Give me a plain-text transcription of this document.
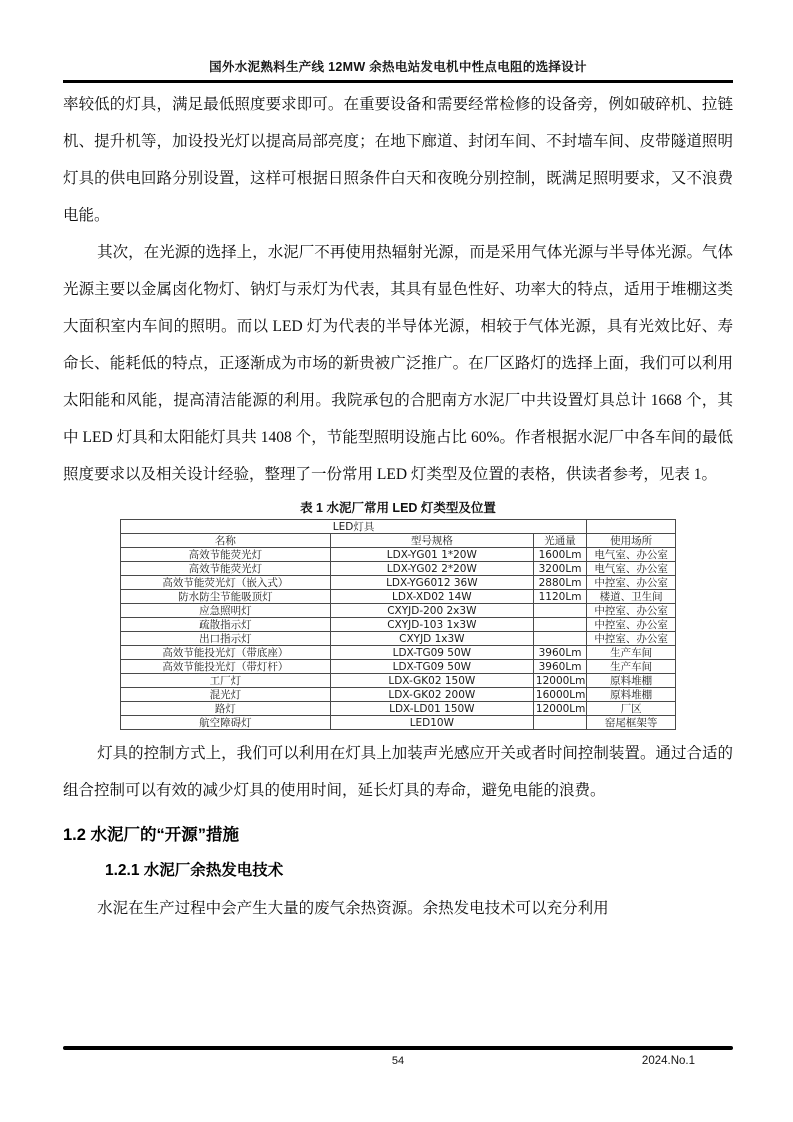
国外水泥熟料生产线 12MW 余热电站发电机中性点电阻的选择设计

率较低的灯具，满足最低照度要求即可。在重要设备和需要经常检修的设备旁，例如破碎机、拉链机、提升机等，加设投光灯以提高局部亮度；在地下廊道、封闭车间、不封墙车间、皮带隧道照明灯具的供电回路分别设置，这样可根据日照条件白天和夜晚分别控制，既满足照明要求，又不浪费电能。

其次，在光源的选择上，水泥厂不再使用热辐射光源，而是采用气体光源与半导体光源。气体光源主要以金属卤化物灯、钠灯与汞灯为代表，其具有显色性好、功率大的特点，适用于堆棚这类大面积室内车间的照明。而以 LED 灯为代表的半导体光源，相较于气体光源，具有光效比好、寿命长、能耗低的特点，正逐渐成为市场的新贵被广泛推广。在厂区路灯的选择上面，我们可以利用太阳能和风能，提高清洁能源的利用。我院承包的合肥南方水泥厂中共设置灯具总计 1668 个，其中 LED 灯具和太阳能灯具共 1408 个，节能型照明设施占比 60%。作者根据水泥厂中各车间的最低照度要求以及相关设计经验，整理了一份常用 LED 灯类型及位置的表格，供读者参考，见表 1。

表 1 水泥厂常用 LED 灯类型及位置
LED灯具			
名称	型号规格	光通量	使用场所
高效节能荧光灯	LDX-YG01 1*20W	1600Lm	电气室、办公室
高效节能荧光灯	LDX-YG02 2*20W	3200Lm	电气室、办公室
高效节能荧光灯（嵌入式）	LDX-YG6012 36W	2880Lm	中控室、办公室
防水防尘节能吸顶灯	LDX-XD02 14W	1120Lm	楼道、卫生间
应急照明灯	CXYJD-200 2x3W		中控室、办公室
疏散指示灯	CXYJD-103 1x3W		中控室、办公室
出口指示灯	CXYJD 1x3W		中控室、办公室
高效节能投光灯（带底座）	LDX-TG09 50W	3960Lm	生产车间
高效节能投光灯（带灯杆）	LDX-TG09 50W	3960Lm	生产车间
工厂灯	LDX-GK02 150W	12000Lm	原料堆棚
混光灯	LDX-GK02 200W	16000Lm	原料堆棚
路灯	LDX-LD01 150W	12000Lm	厂区
航空障碍灯	LED10W		窑尾框架等

灯具的控制方式上，我们可以利用在灯具上加装声光感应开关或者时间控制装置。通过合适的组合控制可以有效的减少灯具的使用时间，延长灯具的寿命，避免电能的浪费。

1.2 水泥厂的“开源”措施
1.2.1 水泥厂余热发电技术

水泥在生产过程中会产生大量的废气余热资源。余热发电技术可以充分利用

54	2024.No.1
